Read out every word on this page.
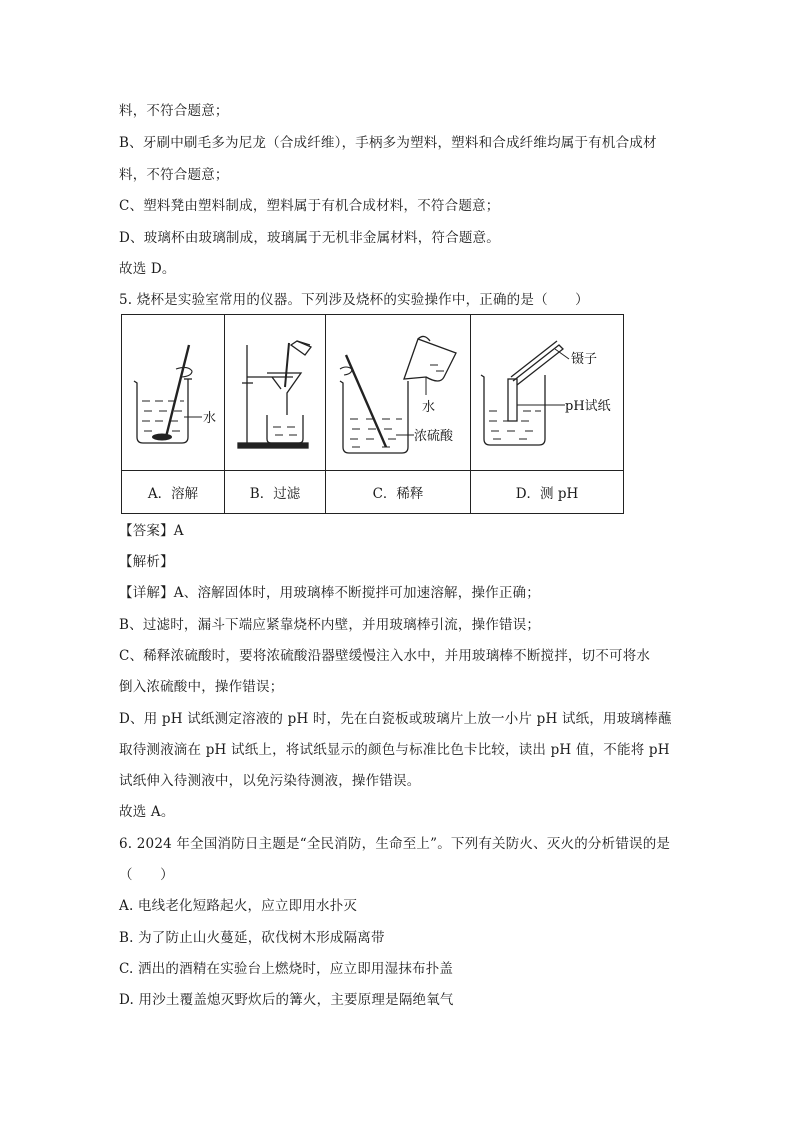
料，不符合题意；
B、牙刷中刷毛多为尼龙（合成纤维），手柄多为塑料，塑料和合成纤维均属于有机合成材
料，不符合题意；
C、塑料凳由塑料制成，塑料属于有机合成材料，不符合题意；
D、玻璃杯由玻璃制成，玻璃属于无机非金属材料，符合题意。
故选 D。
5. 烧杯是实验室常用的仪器。下列涉及烧杯的实验操作中，正确的是（　　）
水		水
浓硫酸	镊子
pH试纸

A．溶解	B．过滤	C．稀释	D．测 pH
【答案】A
【解析】
【详解】A、溶解固体时，用玻璃棒不断搅拌可加速溶解，操作正确；
B、过滤时，漏斗下端应紧靠烧杯内壁，并用玻璃棒引流，操作错误；
C、稀释浓硫酸时，要将浓硫酸沿器壁缓慢注入水中，并用玻璃棒不断搅拌，切不可将水
倒入浓硫酸中，操作错误；
D、用 pH 试纸测定溶液的 pH 时，先在白瓷板或玻璃片上放一小片 pH 试纸，用玻璃棒蘸
取待测液滴在 pH 试纸上，将试纸显示的颜色与标准比色卡比较，读出 pH 值，不能将 pH
试纸伸入待测液中，以免污染待测液，操作错误。
故选 A。
6. 2024 年全国消防日主题是“全民消防，生命至上”。下列有关防火、灭火的分析错误的是
（　　）
A. 电线老化短路起火，应立即用水扑灭
B. 为了防止山火蔓延，砍伐树木形成隔离带
C. 洒出的酒精在实验台上燃烧时，应立即用湿抹布扑盖
D. 用沙土覆盖熄灭野炊后的篝火，主要原理是隔绝氧气
